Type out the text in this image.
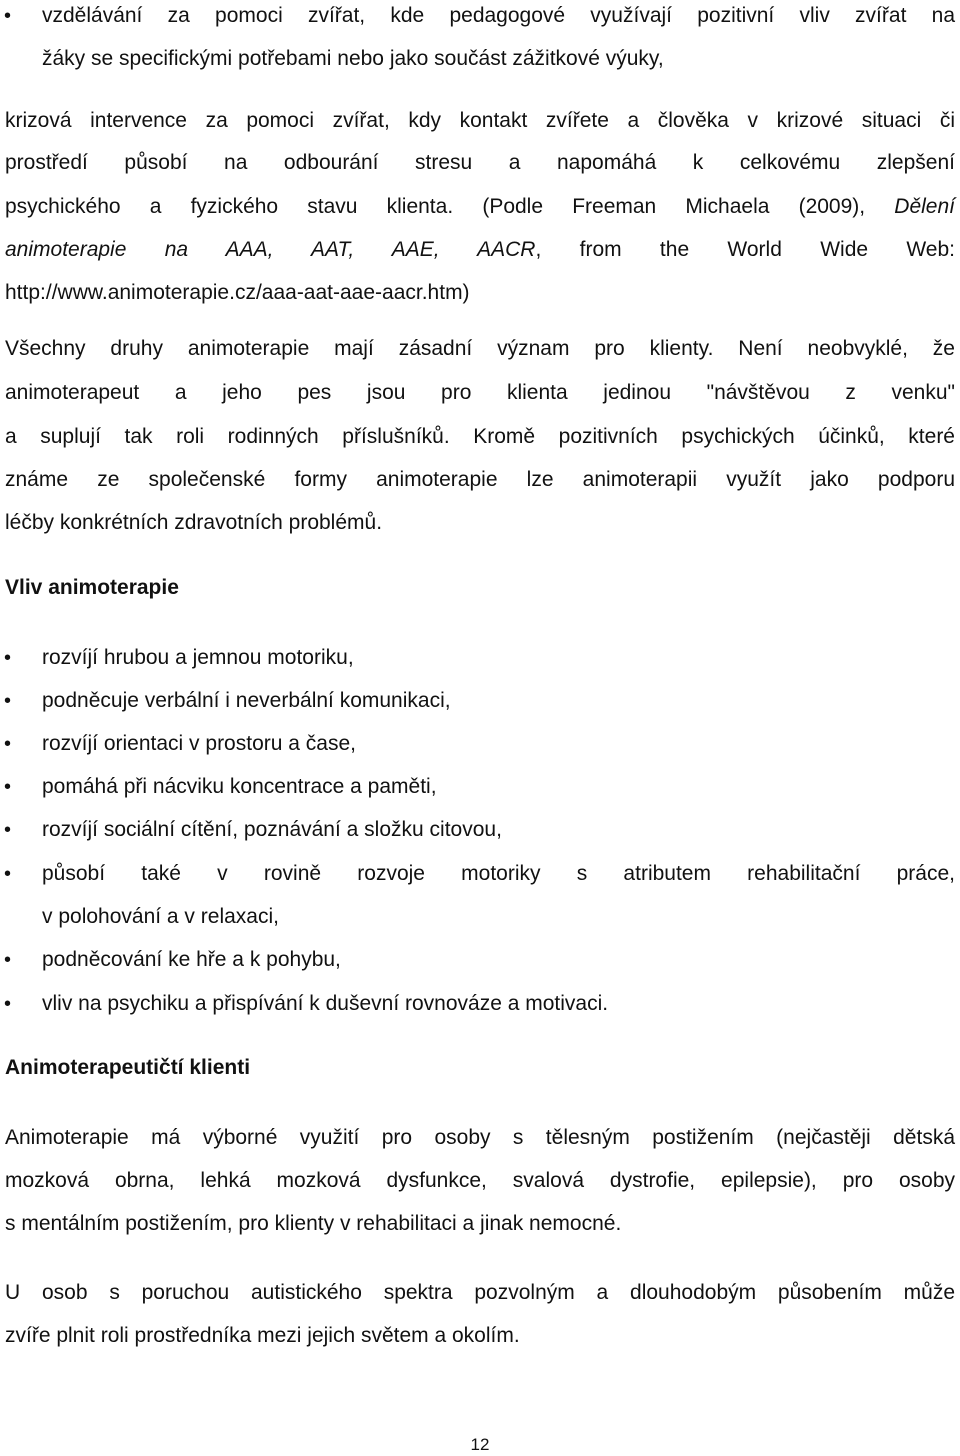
• vzdělávání za pomoci zvířat, kde pedagogové využívají pozitivní vliv zvířat na
žáky se specifickými potřebami nebo jako součást zážitkové výuky,
krizová intervence za pomoci zvířat, kdy kontakt zvířete a člověka v krizové situaci či
prostředí působí na odbourání stresu a napomáhá k celkovému zlepšení
psychického a fyzického stavu klienta. (Podle Freeman Michaela (2009), Dělení
animoterapie na AAA, AAT, AAE, AACR, from the World Wide Web:
http://www.animoterapie.cz/aaa-aat-aae-aacr.htm)
Všechny druhy animoterapie mají zásadní význam pro klienty. Není neobvyklé, že
animoterapeut a jeho pes jsou pro klienta jedinou "návštěvou z venku"
a suplují tak roli rodinných příslušníků. Kromě pozitivních psychických účinků, které
známe ze společenské formy animoterapie lze animoterapii využít jako podporu
léčby konkrétních zdravotních problémů.
Vliv animoterapie
• rozvíjí hrubou a jemnou motoriku,
• podněcuje verbální i neverbální komunikaci,
• rozvíjí orientaci v prostoru a čase,
• pomáhá při nácviku koncentrace a paměti,
• rozvíjí sociální cítění, poznávání a složku citovou,
• působí také v rovině rozvoje motoriky s atributem rehabilitační práce,
v polohování a v relaxaci,
• podněcování ke hře a k pohybu,
• vliv na psychiku a přispívání k duševní rovnováze a motivaci.
Animoterapeutičtí klienti
Animoterapie má výborné využití pro osoby s tělesným postižením (nejčastěji dětská
mozková obrna, lehká mozková dysfunkce, svalová dystrofie, epilepsie), pro osoby
s mentálním postižením, pro klienty v rehabilitaci a jinak nemocné.
U osob s poruchou autistického spektra pozvolným a dlouhodobým působením může
zvíře plnit roli prostředníka mezi jejich světem a okolím.
12
